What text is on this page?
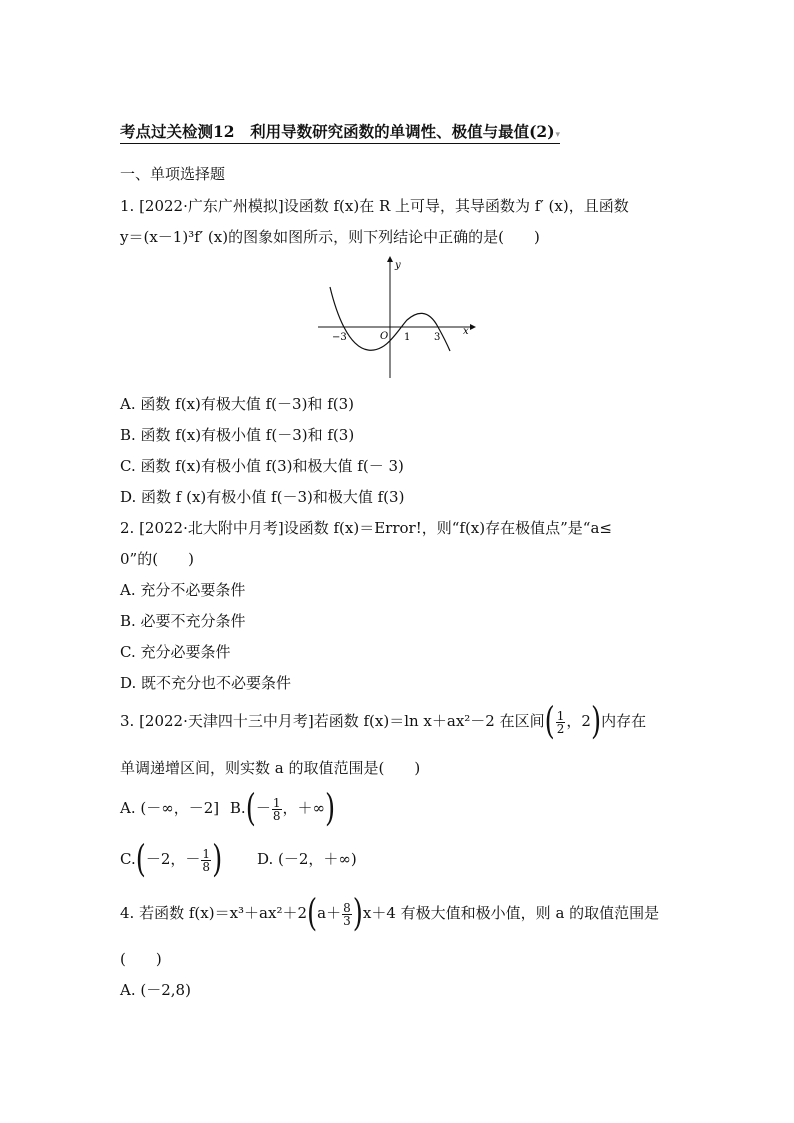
考点过关检测12　利用导数研究函数的单调性、极值与最值(2)▾
一、单项选择题
1. [2022·广东广州模拟]设函数 f(x)在 R 上可导，其导函数为 f′ (x)，且函数
y＝(x－1)³f′ (x)的图象如图所示，则下列结论中正确的是(　　)
y
x
O
−3	1 3
A. 函数 f(x)有极大值 f(－3)和 f(3)
B. 函数 f(x)有极小值 f(－3)和 f(3)
C. 函数 f(x)有极小值 f(3)和极大值 f(－ 3)
D. 函数 f (x)有极小值 f(－3)和极大值 f(3)
2. [2022·北大附中月考]设函数 f(x)＝Error!，则“f(x)存在极值点”是“a≤
0”的(　　)
A. 充分不必要条件
B. 必要不充分条件
C. 充分必要条件
D. 既不充分也不必要条件
3. [2022·天津四十三中月考]若函数 f(x)＝ln x＋ax²－2 在区间( $\frac{1}{2}$ ，2)内存在
单调递增区间，则实数 a 的取值范围是(　　)
A. (－∞，－2] $B.(- \frac{1}{8}$ ，＋∞)
C.(－2，－ $\frac{1}{8}$ ) D. (－2，＋∞)
4. 若函数 $f(x)=x^3+ax^2+2(a+ \frac{8}{3} )x+4$ 有极大值和极小值，则 a 的取值范围是
(　　)
A. (－2,8)
